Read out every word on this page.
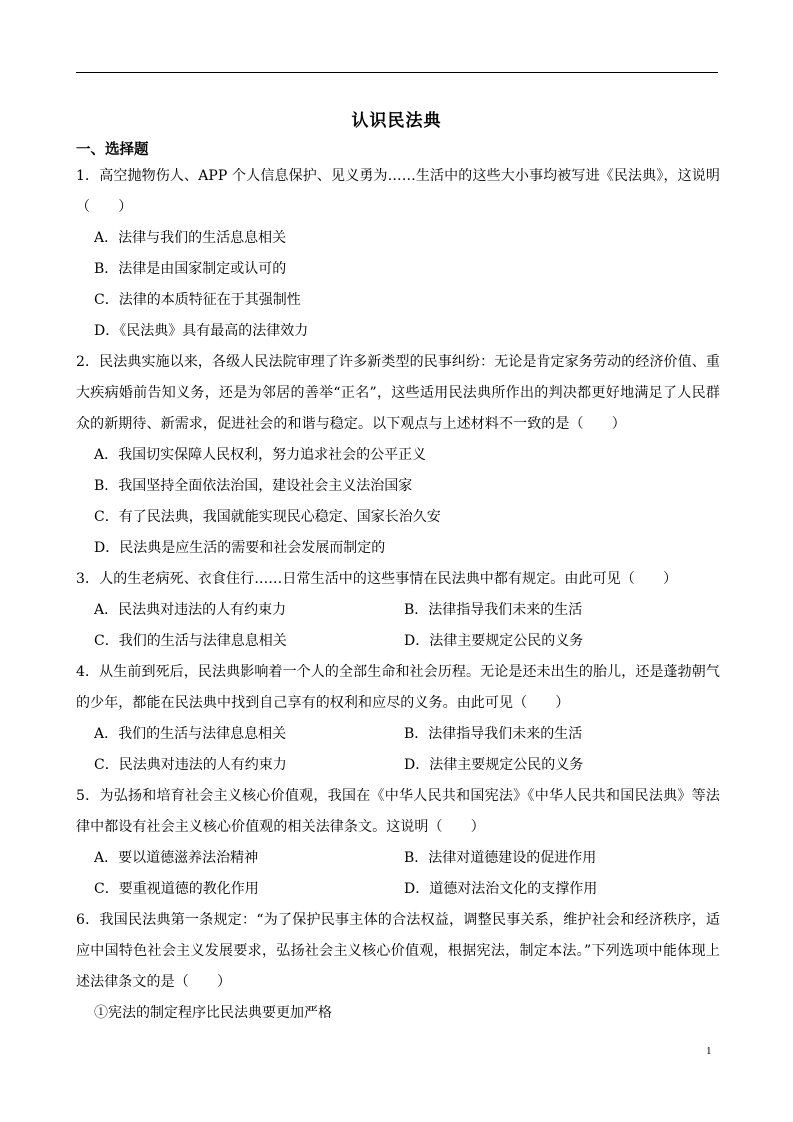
认识民法典
一、选择题
1．高空抛物伤人、APP 个人信息保护、见义勇为……生活中的这些大小事均被写进《民法典》，这说明（　　）
A．法律与我们的生活息息相关
B．法律是由国家制定或认可的
C．法律的本质特征在于其强制性
D．《民法典》具有最高的法律效力
2．民法典实施以来，各级人民法院审理了许多新类型的民事纠纷：无论是肯定家务劳动的经济价值、重大疾病婚前告知义务，还是为邻居的善举“正名”，这些适用民法典所作出的判决都更好地满足了人民群众的新期待、新需求，促进社会的和谐与稳定。以下观点与上述材料不一致的是（　　）
A．我国切实保障人民权利，努力追求社会的公平正义
B．我国坚持全面依法治国，建设社会主义法治国家
C．有了民法典，我国就能实现民心稳定、国家长治久安
D．民法典是应生活的需要和社会发展而制定的
3．人的生老病死、衣食住行……日常生活中的这些事情在民法典中都有规定。由此可见（　　）
A．民法典对违法的人有约束力	B．法律指导我们未来的生活
C．我们的生活与法律息息相关	D．法律主要规定公民的义务
4．从生前到死后，民法典影响着一个人的全部生命和社会历程。无论是还未出生的胎儿，还是蓬勃朝气的少年，都能在民法典中找到自己享有的权利和应尽的义务。由此可见（　　）
A．我们的生活与法律息息相关	B．法律指导我们未来的生活
C．民法典对违法的人有约束力	D．法律主要规定公民的义务
5．为弘扬和培育社会主义核心价值观，我国在《中华人民共和国宪法》《中华人民共和国民法典》等法律中都设有社会主义核心价值观的相关法律条文。这说明（　　）
A．要以道德滋养法治精神	B．法律对道德建设的促进作用
C．要重视道德的教化作用	D．道德对法治文化的支撑作用
6．我国民法典第一条规定：“为了保护民事主体的合法权益，调整民事关系，维护社会和经济秩序，适应中国特色社会主义发展要求，弘扬社会主义核心价值观，根据宪法，制定本法。”下列选项中能体现上述法律条文的是（　　）
①宪法的制定程序比民法典要更加严格
1
